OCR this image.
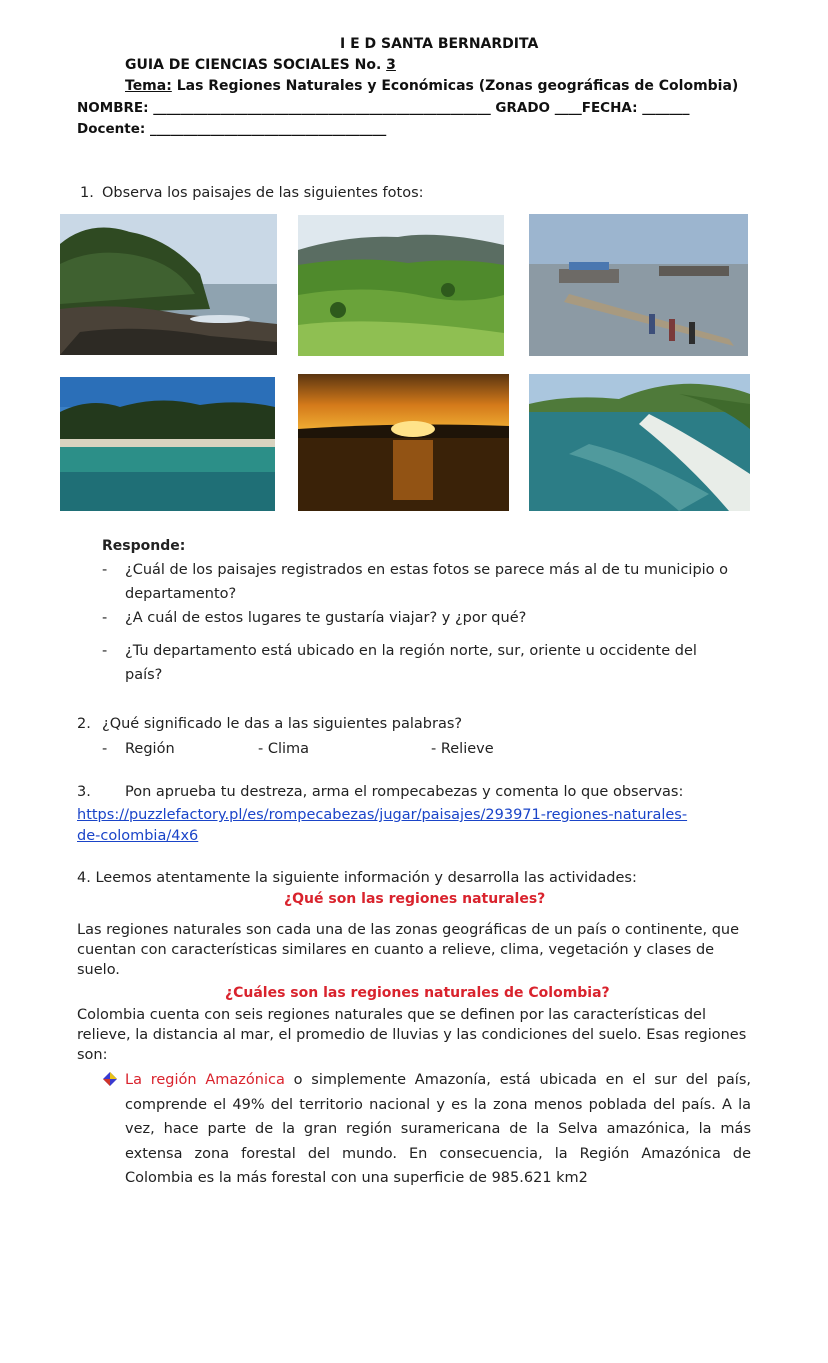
I E D SANTA BERNARDITA
GUIA DE CIENCIAS SOCIALES No. 3
Tema: Las Regiones Naturales y Económicas (Zonas geográficas de Colombia)
NOMBRE: __________________________________________________ GRADO ____FECHA: _______
Docente: ___________________________________
1. Observa los paisajes de las siguientes fotos:
Responde:
- ¿Cuál de los paisajes registrados en estas fotos se parece más al de tu municipio o
departamento?
- ¿A cuál de estos lugares te gustaría viajar? y ¿por qué?
- ¿Tu departamento está ubicado en la región norte, sur, oriente u occidente del
país?
2. ¿Qué significado le das a las siguientes palabras?
- Región	- Clima	- Relieve
3. Pon aprueba tu destreza, arma el rompecabezas y comenta lo que observas:
https://puzzlefactory.pl/es/rompecabezas/jugar/paisajes/293971-regiones-naturales-
de-colombia/4x6
4. Leemos atentamente la siguiente información y desarrolla las actividades:
¿Qué son las regiones naturales?
Las regiones naturales son cada una de las zonas geográficas de un país o continente, que
cuentan con características similares en cuanto a relieve, clima, vegetación y clases de
suelo.
¿Cuáles son las regiones naturales de Colombia?
Colombia cuenta con seis regiones naturales que se definen por las características del
relieve, la distancia al mar, el promedio de lluvias y las condiciones del suelo. Esas regiones
son:
La región Amazónica o simplemente Amazonía, está ubicada en el sur del país,
comprende el 49% del territorio nacional y es la zona menos poblada del país. A la
vez, hace parte de la gran región suramericana de la Selva amazónica, la más
extensa zona forestal del mundo. En consecuencia, la Región Amazónica de
Colombia es la más forestal con una superficie de 985.621 km2
